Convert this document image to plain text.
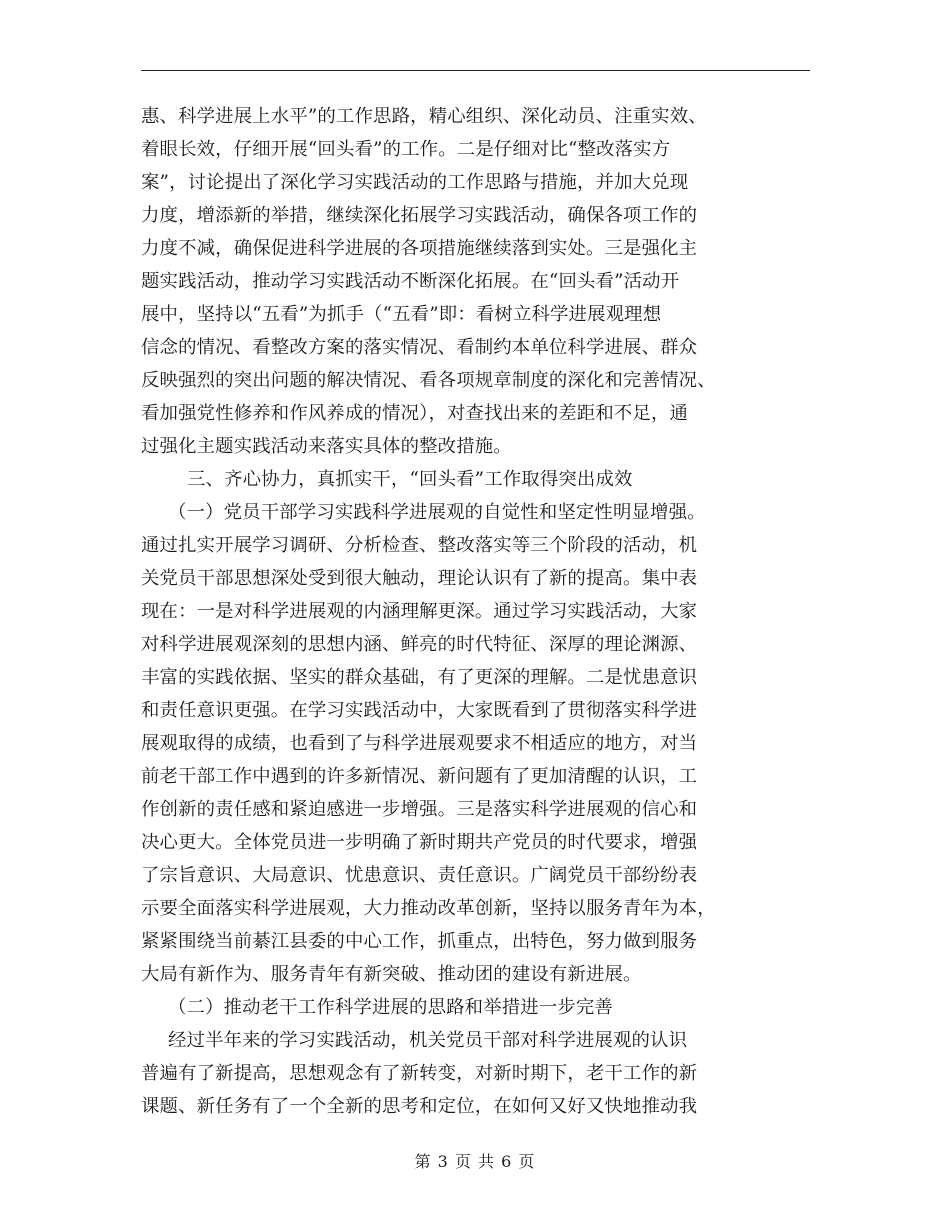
惠、科学进展上水平”的工作思路，精心组织、深化动员、注重实效、
着眼长效，仔细开展“回头看”的工作。二是仔细对比“整改落实方
案”，讨论提出了深化学习实践活动的工作思路与措施，并加大兑现
力度，增添新的举措，继续深化拓展学习实践活动，确保各项工作的
力度不减，确保促进科学进展的各项措施继续落到实处。三是强化主
题实践活动，推动学习实践活动不断深化拓展。在“回头看”活动开
展中，坚持以“五看”为抓手（“五看”即：看树立科学进展观理想
信念的情况、看整改方案的落实情况、看制约本单位科学进展、群众
反映强烈的突出问题的解决情况、看各项规章制度的深化和完善情况、
看加强党性修养和作风养成的情况），对查找出来的差距和不足，通
过强化主题实践活动来落实具体的整改措施。
三、齐心协力，真抓实干，“回头看”工作取得突出成效
（一）党员干部学习实践科学进展观的自觉性和坚定性明显增强。
通过扎实开展学习调研、分析检查、整改落实等三个阶段的活动，机
关党员干部思想深处受到很大触动，理论认识有了新的提高。集中表
现在：一是对科学进展观的内涵理解更深。通过学习实践活动，大家
对科学进展观深刻的思想内涵、鲜亮的时代特征、深厚的理论渊源、
丰富的实践依据、坚实的群众基础，有了更深的理解。二是忧患意识
和责任意识更强。在学习实践活动中，大家既看到了贯彻落实科学进
展观取得的成绩，也看到了与科学进展观要求不相适应的地方，对当
前老干部工作中遇到的许多新情况、新问题有了更加清醒的认识，工
作创新的责任感和紧迫感进一步增强。三是落实科学进展观的信心和
决心更大。全体党员进一步明确了新时期共产党员的时代要求，增强
了宗旨意识、大局意识、忧患意识、责任意识。广阔党员干部纷纷表
示要全面落实科学进展观，大力推动改革创新，坚持以服务青年为本，
紧紧围绕当前綦江县委的中心工作，抓重点，出特色，努力做到服务
大局有新作为、服务青年有新突破、推动团的建设有新进展。
（二）推动老干工作科学进展的思路和举措进一步完善
经过半年来的学习实践活动，机关党员干部对科学进展观的认识
普遍有了新提高，思想观念有了新转变，对新时期下，老干工作的新
课题、新任务有了一个全新的思考和定位，在如何又好又快地推动我
第 3 页 共 6 页
